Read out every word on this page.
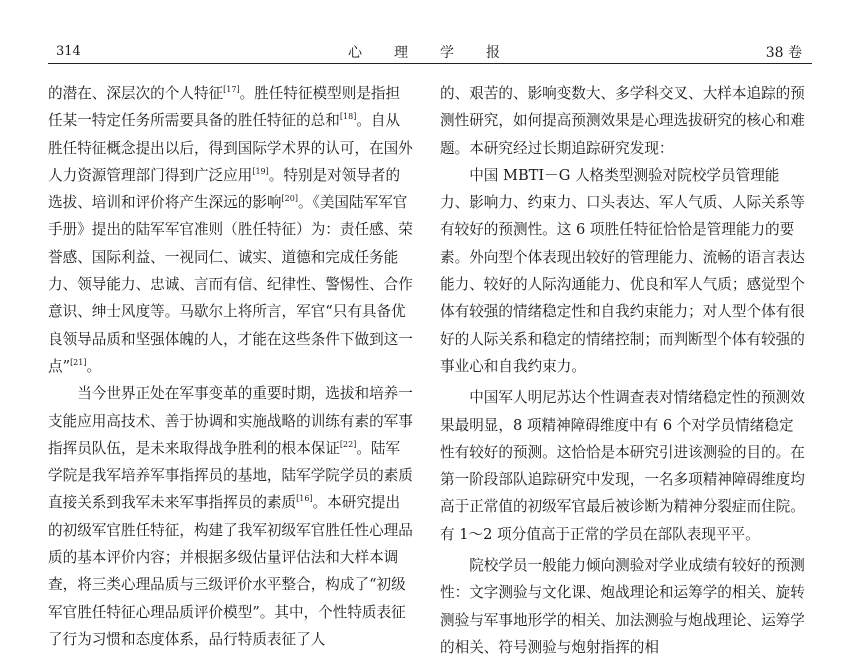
314	心理学报	38 卷

的潜在、深层次的个人特征[17]。胜任特征模型则是指担任某一特定任务所需要具备的胜任特征的总和[18]。自从胜任特征概念提出以后，得到国际学术界的认可，在国外人力资源管理部门得到广泛应用[19]。特别是对领导者的选拔、培训和评价将产生深远的影响[20]。《美国陆军军官手册》提出的陆军军官准则（胜任特征）为：责任感、荣誉感、国际利益、一视同仁、诚实、道德和完成任务能力、领导能力、忠诚、言而有信、纪律性、警惕性、合作意识、绅士风度等。马歇尔上将所言，军官“只有具备优良领导品质和坚强体魄的人，才能在这些条件下做到这一点”[21]。

当今世界正处在军事变革的重要时期，选拔和培养一支能应用高技术、善于协调和实施战略的训练有素的军事指挥员队伍，是未来取得战争胜利的根本保证[22]。陆军学院是我军培养军事指挥员的基地，陆军学院学员的素质直接关系到我军未来军事指挥员的素质[16]。本研究提出的初级军官胜任特征，构建了我军初级军官胜任性心理品质的基本评价内容；并根据多级估量评估法和大样本调查，将三类心理品质与三级评价水平整合，构成了“初级军官胜任特征心理品质评价模型”。其中，个性特质表征了行为习惯和态度体系，品行特质表征了人

的、艰苦的、影响变数大、多学科交叉、大样本追踪的预测性研究，如何提高预测效果是心理选拔研究的核心和难题。本研究经过长期追踪研究发现：

中国 MBTI－G 人格类型测验对院校学员管理能力、影响力、约束力、口头表达、军人气质、人际关系等有较好的预测性。这 6 项胜任特征恰恰是管理能力的要素。外向型个体表现出较好的管理能力、流畅的语言表达能力、较好的人际沟通能力、优良和军人气质；感觉型个体有较强的情绪稳定性和自我约束能力；对人型个体有很好的人际关系和稳定的情绪控制；而判断型个体有较强的事业心和自我约束力。

中国军人明尼苏达个性调查表对情绪稳定性的预测效果最明显，8 项精神障碍维度中有 6 个对学员情绪稳定性有较好的预测。这恰恰是本研究引进该测验的目的。在第一阶段部队追踪研究中发现，一名多项精神障碍维度均高于正常值的初级军官最后被诊断为精神分裂症而住院。有 1～2 项分值高于正常的学员在部队表现平平。

院校学员一般能力倾向测验对学业成绩有较好的预测性：文字测验与文化课、炮战理论和运筹学的相关、旋转测验与军事地形学的相关、加法测验与炮战理论、运筹学的相关、符号测验与炮射指挥的相
